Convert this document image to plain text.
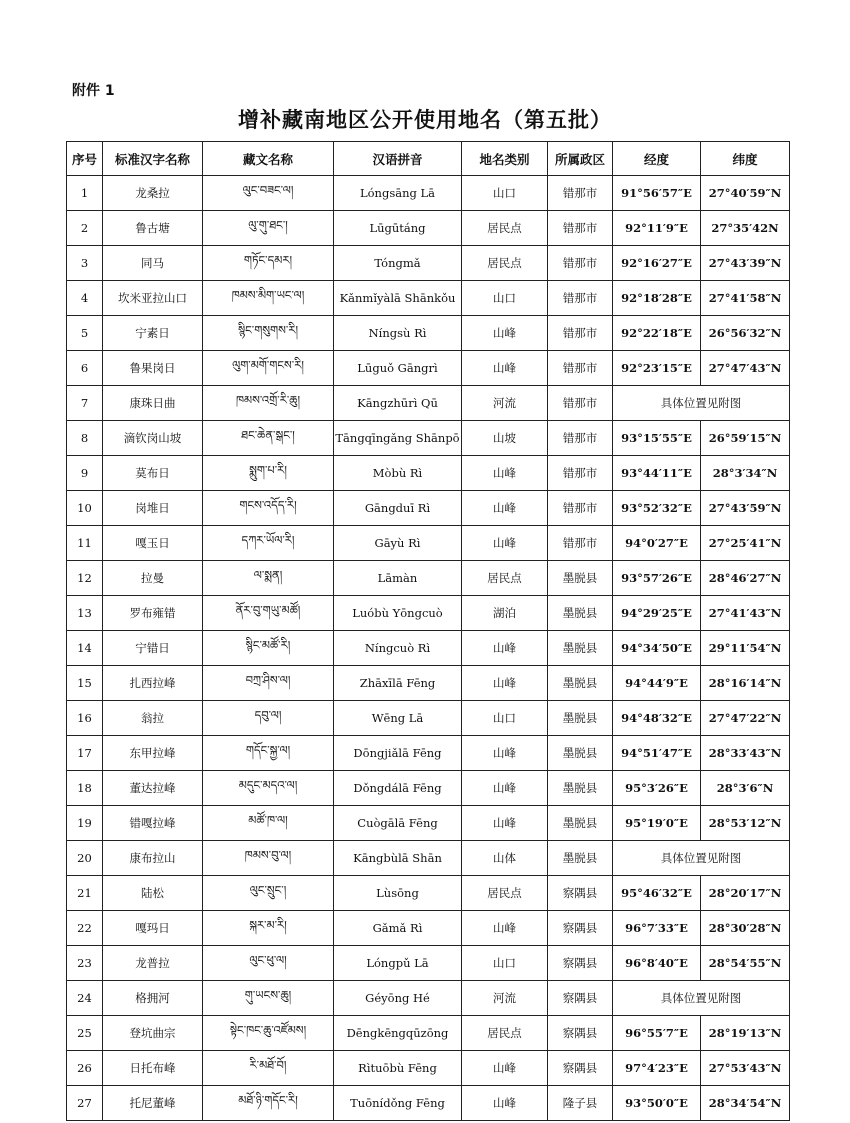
附件 1
增补藏南地区公开使用地名（第五批）
序号	标准汉字名称	藏文名称	汉语拼音	地名类别	所属政区	经度	纬度
1	龙桑拉	ལུང་བཟང་ལ།	Lóngsāng Lā	山口	错那市	91°56′57″E	27°40′59″N
2	鲁古塘	ལུ་གུ་ཐང་།	Lūgūtáng	居民点	错那市	92°11′9″E	27°35′42N
3	同马	གཏོང་དམར།	Tóngmǎ	居民点	错那市	92°16′27″E	27°43′39″N
4	坎米亚拉山口	ཁམས་མིག་ཡང་ལ།	Kǎnmǐyàlā Shānkǒu	山口	错那市	92°18′28″E	27°41′58″N
5	宁素日	སྙིང་གསུགས་རི།	Níngsù Rì	山峰	错那市	92°22′18″E	26°56′32″N
6	鲁果岗日	ལུག་མགོ་གངས་རི།	Lūguǒ Gāngrì	山峰	错那市	92°23′15″E	27°47′43″N
7	康珠日曲	ཁམས་འགྲོ་རི་ཆུ།	Kāngzhūrì Qū	河流	错那市	具体位置见附图	
8	滴钦岗山坡	ཐང་ཆེན་སྒང་།	Tāngqīngǎng Shānpō	山坡	错那市	93°15′55″E	26°59′15″N
9	莫布日	སྨུག་པ་རི།	Mòbù Rì	山峰	错那市	93°44′11″E	28°3′34″N
10	岗堆日	གངས་འདོད་རི།	Gāngduī Rì	山峰	错那市	93°52′32″E	27°43′59″N
11	嘎玉日	དཀར་ཡོལ་རི།	Gāyù Rì	山峰	错那市	94°0′27″E	27°25′41″N
12	拉曼	ལ་སྨན།	Lāmàn	居民点	墨脱县	93°57′26″E	28°46′27″N
13	罗布雍错	ནོར་བུ་གཡུ་མཚོ།	Luóbù Yōngcuò	湖泊	墨脱县	94°29′25″E	27°41′43″N
14	宁错日	སྙིང་མཚོ་རི།	Níngcuò Rì	山峰	墨脱县	94°34′50″E	29°11′54″N
15	扎西拉峰	བཀྲ་ཤིས་ལ།	Zhāxīlā Fēng	山峰	墨脱县	94°44′9″E	28°16′14″N
16	翁拉	དབུ་ལ།	Wēng Lā	山口	墨脱县	94°48′32″E	27°47′22″N
17	东甲拉峰	གདོང་སྐྱ་ལ།	Dōngjiǎlā Fēng	山峰	墨脱县	94°51′47″E	28°33′43″N
18	董达拉峰	མདུང་མདའ་ལ།	Dǒngdálā Fēng	山峰	墨脱县	95°3′26″E	28°3′6″N
19	错嘎拉峰	མཚོ་ཁ་ལ།	Cuògālā Fēng	山峰	墨脱县	95°19′0″E	28°53′12″N
20	康布拉山	ཁམས་བུ་ལ།	Kāngbùlā Shān	山体	墨脱县	具体位置见附图	
21	陆松	ལུང་སྲུང་།	Lùsōng	居民点	察隅县	95°46′32″E	28°20′17″N
22	嘎玛日	སྐར་མ་རི།	Gǎmǎ Rì	山峰	察隅县	96°7′33″E	28°30′28″N
23	龙普拉	ལུང་ཕུ་ལ།	Lóngpǔ Lā	山口	察隅县	96°8′40″E	28°54′55″N
24	格拥河	གུ་ཡངས་ཆུ།	Géyōng Hé	河流	察隅县	具体位置见附图	
25	登坑曲宗	སྟེང་ཁང་ཆུ་འཛོམས།	Dēngkēngqūzōng	居民点	察隅县	96°55′7″E	28°19′13″N
26	日托布峰	རི་མཐོ་བོ།	Rìtuōbù Fēng	山峰	察隅县	97°4′23″E	27°53′43″N
27	托尼董峰	མཐོ་ཉི་གདོང་རི།	Tuōnídǒng Fēng	山峰	隆子县	93°50′0″E	28°34′54″N
